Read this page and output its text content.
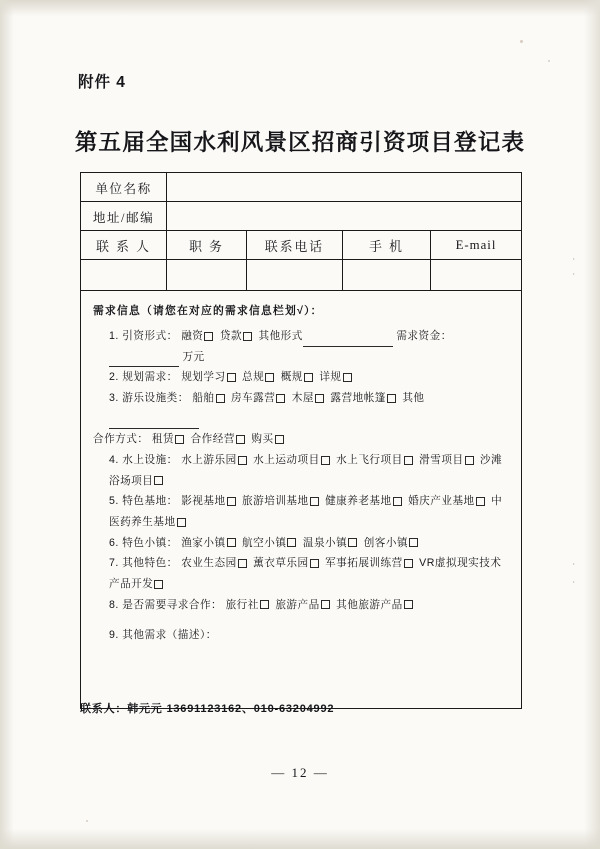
·
·
·
·
附件 4
第五届全国水利风景区招商引资项目登记表
单位名称
地址/邮编
联 系 人	职 务	联系电话	手 机	E-mail
需求信息（请您在对应的需求信息栏划√）：
1. 引资形式： 融资 贷款 其他形式	需求资金： 万元
2. 规划需求： 规划学习 总规 概规 详规
3. 游乐设施类： 船舶 房车露营 木屋 露营地帐篷 其他
合作方式： 租赁 合作经营 购买
4. 水上设施： 水上游乐园 水上运动项目 水上飞行项目 滑雪项目 沙滩浴场项目
5. 特色基地： 影视基地 旅游培训基地 健康养老基地 婚庆产业基地 中医药养生基地
6. 特色小镇： 渔家小镇 航空小镇 温泉小镇 创客小镇
7. 其他特色： 农业生态园 薰衣草乐园 军事拓展训练营 VR虚拟现实技术产品开发
8. 是否需要寻求合作： 旅行社 旅游产品 其他旅游产品
9. 其他需求（描述）：
联系人：韩元元 13691123162、010-63204992
— 12 —
